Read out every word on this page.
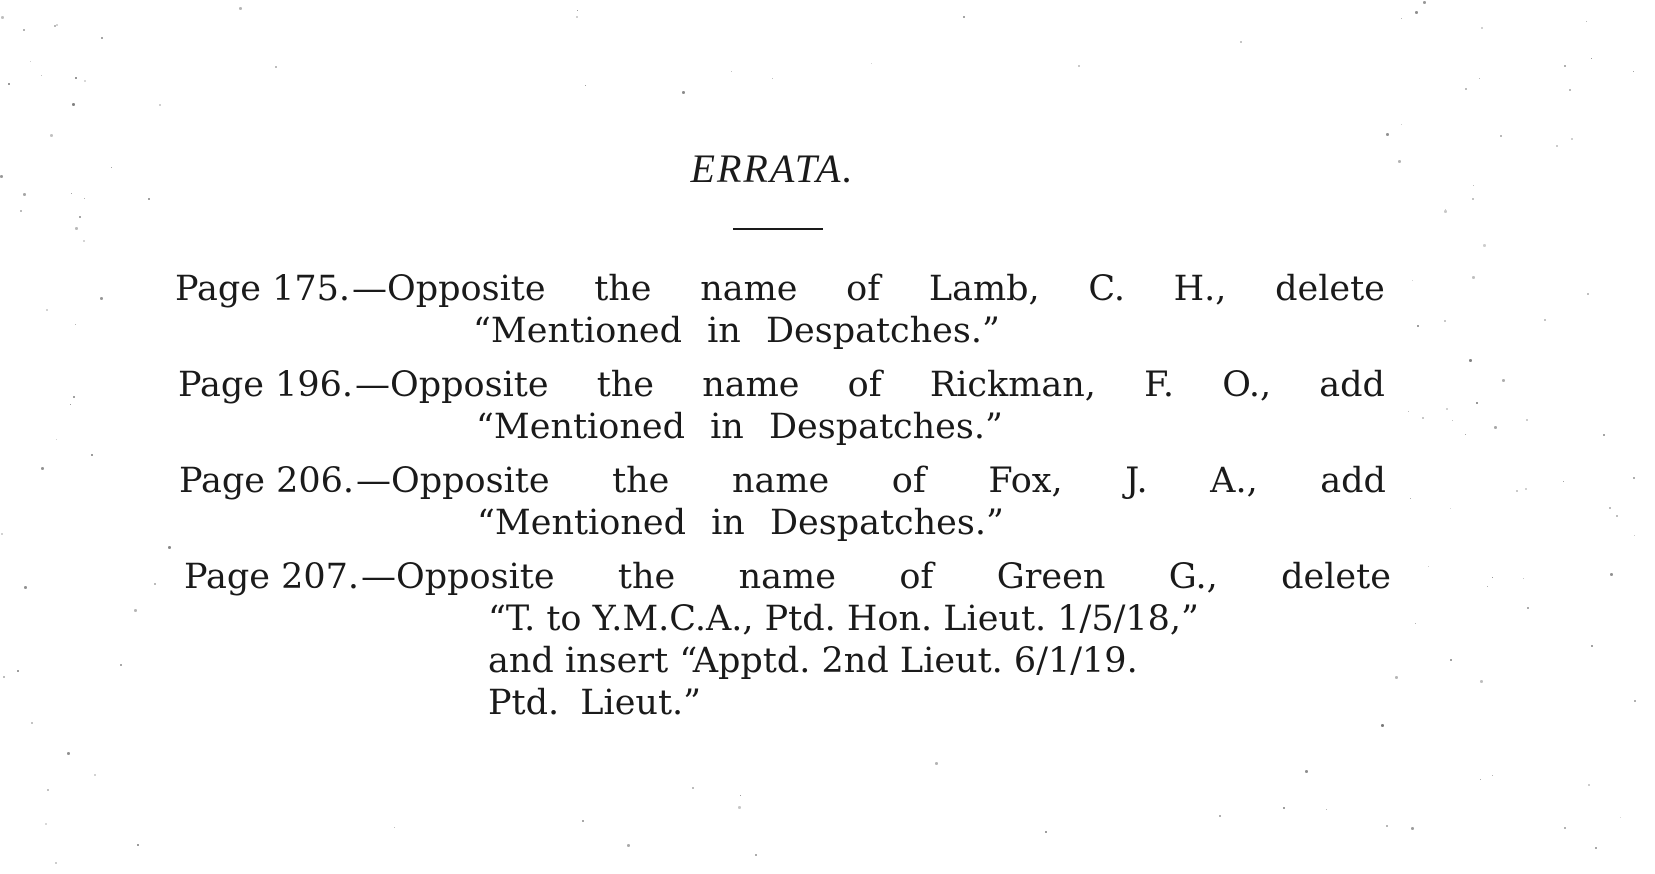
ERRATA.
Page 175. —Opposite the name of Lamb, C. H., delete
“Mentioned in Despatches.”
Page 196. —Opposite the name of Rickman, F. O., add
“Mentioned in Despatches.”
Page 206. —Opposite the name of Fox, J. A., add
“Mentioned in Despatches.”
Page 207. —Opposite the name of Green G., delete
“T. to Y.M.C.A., Ptd. Hon. Lieut. 1/5/18,”
and insert “Apptd. 2nd Lieut. 6/1/19.
Ptd. Lieut.”
